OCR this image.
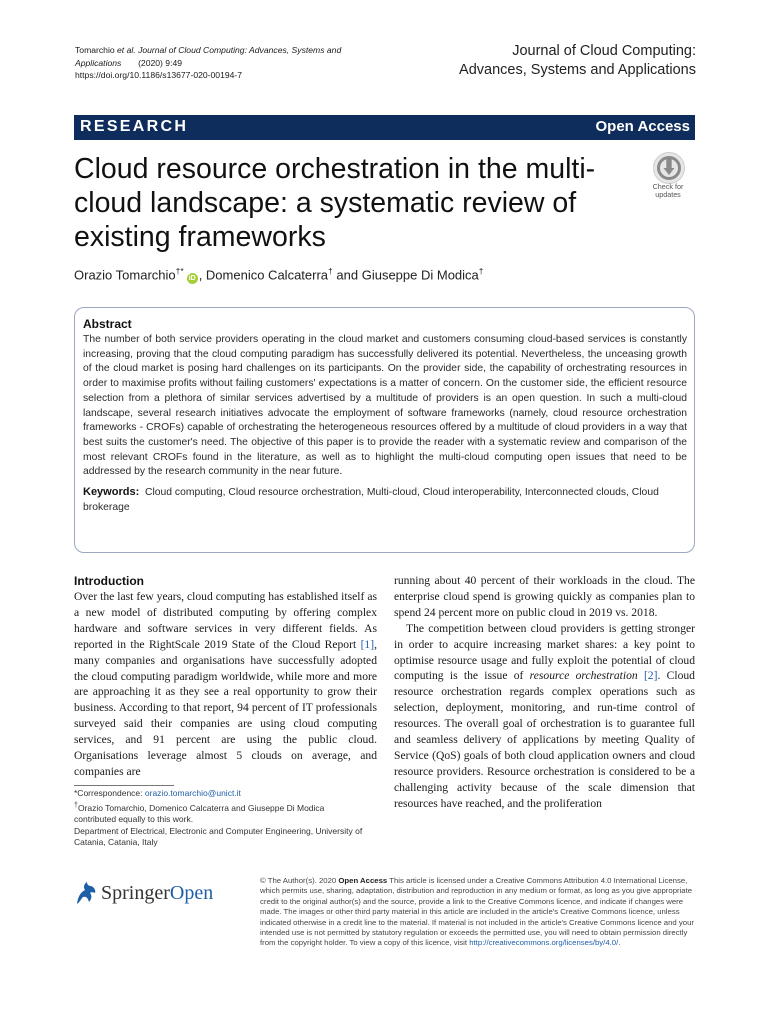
Tomarchio et al. Journal of Cloud Computing: Advances, Systems and Applications (2020) 9:49
https://doi.org/10.1186/s13677-020-00194-7
Journal of Cloud Computing:
Advances, Systems and Applications
RESEARCH	Open Access
Cloud resource orchestration in the multi-cloud landscape: a systematic review of existing frameworks
Check for
updates
Orazio Tomarchio†*iD , Domenico Calcaterra† and Giuseppe Di Modica†
Abstract

The number of both service providers operating in the cloud market and customers consuming cloud-based services is constantly increasing, proving that the cloud computing paradigm has successfully delivered its potential. Nevertheless, the unceasing growth of the cloud market is posing hard challenges on its participants. On the provider side, the capability of orchestrating resources in order to maximise profits without failing customers' expectations is a matter of concern. On the customer side, the efficient resource selection from a plethora of similar services advertised by a multitude of providers is an open question. In such a multi-cloud landscape, several research initiatives advocate the employment of software frameworks (namely, cloud resource orchestration frameworks - CROFs) capable of orchestrating the heterogeneous resources offered by a multitude of cloud providers in a way that best suits the customer's need. The objective of this paper is to provide the reader with a systematic review and comparison of the most relevant CROFs found in the literature, as well as to highlight the multi-cloud computing open issues that need to be addressed by the research community in the near future.

Keywords: Cloud computing, Cloud resource orchestration, Multi-cloud, Cloud interoperability, Interconnected clouds, Cloud brokerage
Introduction

Over the last few years, cloud computing has established itself as a new model of distributed computing by offering complex hardware and software services in very different fields. As reported in the RightScale 2019 State of the Cloud Report [1], many companies and organisations have successfully adopted the cloud computing paradigm worldwide, while more and more are approaching it as they see a real opportunity to grow their business. According to that report, 94 percent of IT professionals surveyed said their companies are using cloud computing services, and 91 percent are using the public cloud. Organisations leverage almost 5 clouds on average, and companies are

running about 40 percent of their workloads in the cloud. The enterprise cloud spend is growing quickly as companies plan to spend 24 percent more on public cloud in 2019 vs. 2018.

The competition between cloud providers is getting stronger in order to acquire increasing market shares: a key point to optimise resource usage and fully exploit the potential of cloud computing is the issue of resource orchestration [2]. Cloud resource orchestration regards complex operations such as selection, deployment, monitoring, and run-time control of resources. The overall goal of orchestration is to guarantee full and seamless delivery of applications by meeting Quality of Service (QoS) goals of both cloud application owners and cloud resource providers. Resource orchestration is considered to be a challenging activity because of the scale dimension that resources have reached, and the proliferation

*Correspondence: orazio.tomarchio@unict.it
†Orazio Tomarchio, Domenico Calcaterra and Giuseppe Di Modica
contributed equally to this work.
Department of Electrical, Electronic and Computer Engineering, University of Catania, Catania, Italy
SpringerOpen
© The Author(s). 2020 Open Access This article is licensed under a Creative Commons Attribution 4.0 International License, which permits use, sharing, adaptation, distribution and reproduction in any medium or format, as long as you give appropriate credit to the original author(s) and the source, provide a link to the Creative Commons licence, and indicate if changes were made. The images or other third party material in this article are included in the article's Creative Commons licence, unless indicated otherwise in a credit line to the material. If material is not included in the article's Creative Commons licence and your intended use is not permitted by statutory regulation or exceeds the permitted use, you will need to obtain permission directly from the copyright holder. To view a copy of this licence, visit http://creativecommons.org/licenses/by/4.0/.
